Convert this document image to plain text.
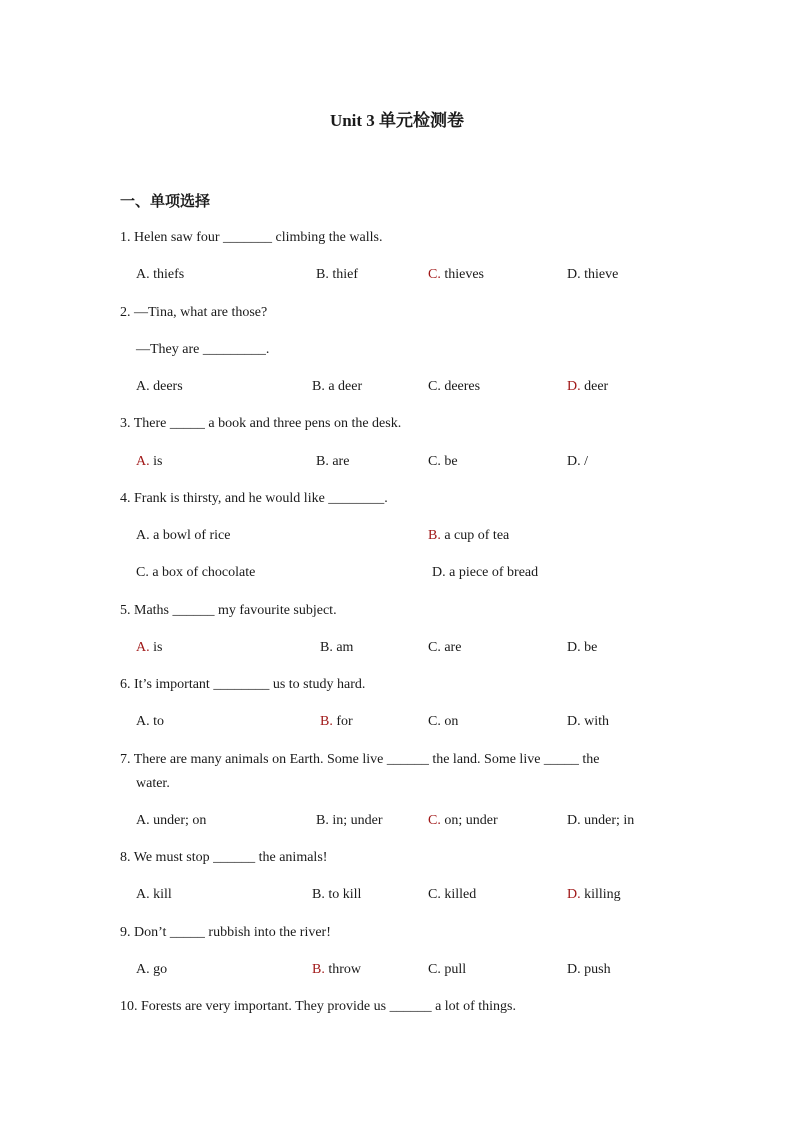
Unit 3 单元检测卷
一、单项选择
1. Helen saw four _______ climbing the walls.
A. thiefs	B. thief	C. thieves	D. thieve
2. —Tina, what are those?
—They are _________.
A. deers	B. a deer	C. deeres	D. deer
3. There _____ a book and three pens on the desk.
A. is	B. are	C. be	D. /
4. Frank is thirsty, and he would like ________.
A. a bowl of rice	B. a cup of tea
C. a box of chocolate	D. a piece of bread
5. Maths ______ my favourite subject.
A. is	B. am	C. are	D. be
6. It’s important ________ us to study hard.
A. to	B. for	C. on	D. with
7. There are many animals on Earth. Some live ______ the land. Some live _____ the
water.
A. under; on	B. in; under	C. on; under	D. under; in
8. We must stop ______ the animals!
A. kill	B. to kill	C. killed	D. killing
9. Don’t _____ rubbish into the river!
A. go	B. throw	C. pull	D. push
10. Forests are very important. They provide us ______ a lot of things.
